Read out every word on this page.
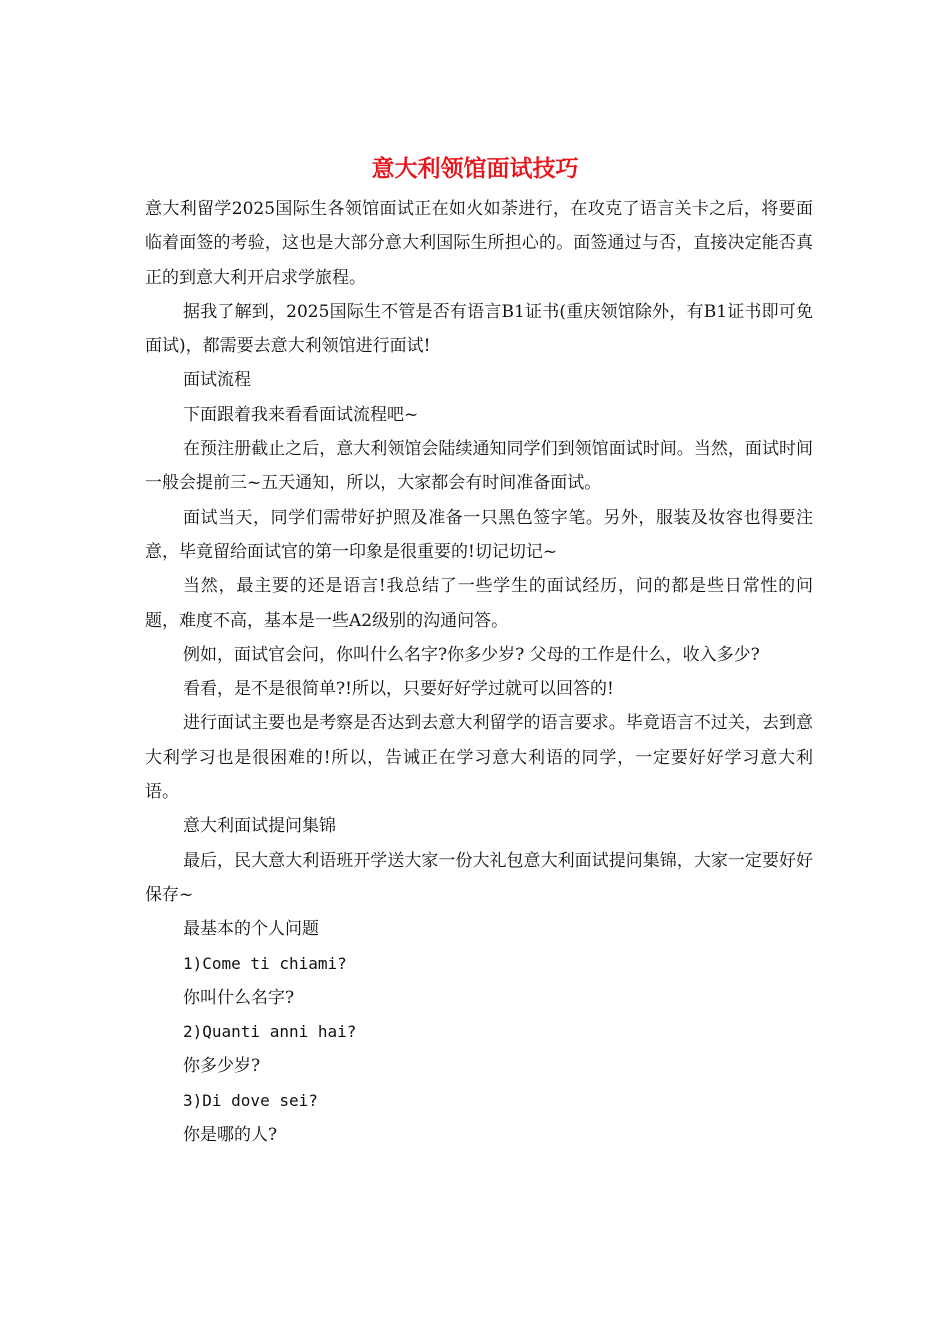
意大利领馆面试技巧

意大利留学2025国际生各领馆面试正在如火如荼进行，在攻克了语言关卡之后，将要面临着面签的考验，这也是大部分意大利国际生所担心的。面签通过与否，直接决定能否真正的到意大利开启求学旅程。

据我了解到，2025国际生不管是否有语言B1证书(重庆领馆除外，有B1证书即可免面试)，都需要去意大利领馆进行面试!

面试流程

下面跟着我来看看面试流程吧~

在预注册截止之后，意大利领馆会陆续通知同学们到领馆面试时间。当然，面试时间一般会提前三~五天通知，所以，大家都会有时间准备面试。

面试当天，同学们需带好护照及准备一只黑色签字笔。另外，服装及妆容也得要注意，毕竟留给面试官的第一印象是很重要的!切记切记~

当然，最主要的还是语言!我总结了一些学生的面试经历，问的都是些日常性的问题，难度不高，基本是一些A2级别的沟通问答。

例如，面试官会问，你叫什么名字?你多少岁? 父母的工作是什么，收入多少?

看看，是不是很简单?!所以，只要好好学过就可以回答的!

进行面试主要也是考察是否达到去意大利留学的语言要求。毕竟语言不过关，去到意大利学习也是很困难的!所以，告诫正在学习意大利语的同学，一定要好好学习意大利语。

意大利面试提问集锦

最后，民大意大利语班开学送大家一份大礼包意大利面试提问集锦，大家一定要好好保存~

最基本的个人问题

1)Come ti chiami?

你叫什么名字?

2)Quanti anni hai?

你多少岁?

3)Di dove sei?

你是哪的人?
